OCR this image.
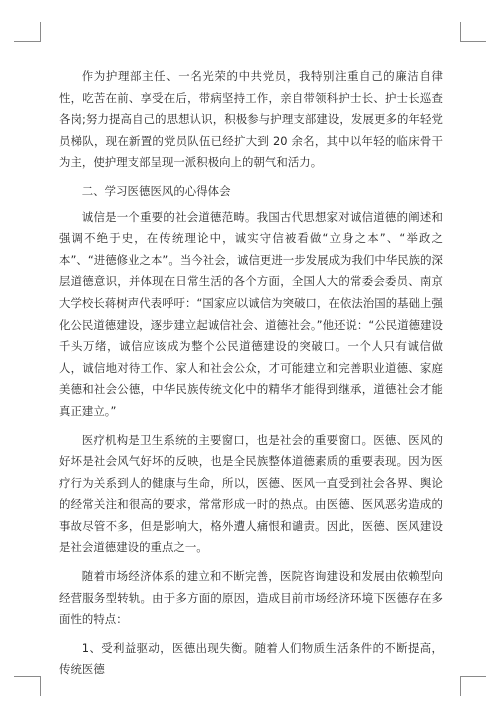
作为护理部主任、一名光荣的中共党员，我特别注重自己的廉洁自律性，吃苦在前、享受在后，带病坚持工作，亲自带领科护士长、护士长巡查各岗;努力提高自己的思想认识，积极参与护理支部建设，发展更多的年轻党员梯队，现在新置的党员队伍已经扩大到 20 余名，其中以年轻的临床骨干为主，使护理支部呈现一派积极向上的朝气和活力。

二、学习医德医风的心得体会

诚信是一个重要的社会道德范畴。我国古代思想家对诚信道德的阐述和强调不绝于史，在传统理论中，诚实守信被看做“立身之本”、“举政之本”、“进德修业之本”。当今社会，诚信更进一步发展成为我们中华民族的深层道德意识，并体现在日常生活的各个方面，全国人大的常委会委员、南京大学校长蒋树声代表呼吁：“国家应以诚信为突破口，在依法治国的基础上强化公民道德建设，逐步建立起诚信社会、道德社会。”他还说：“公民道德建设千头万绪，诚信应该成为整个公民道德建设的突破口。一个人只有诚信做人，诚信地对待工作、家人和社会公众，才可能建立和完善职业道德、家庭美德和社会公德，中华民族传统文化中的精华才能得到继承，道德社会才能真正建立。”

医疗机构是卫生系统的主要窗口，也是社会的重要窗口。医德、医风的好坏是社会风气好坏的反映，也是全民族整体道德素质的重要表现。因为医疗行为关系到人的健康与生命，所以，医德、医风一直受到社会各界、舆论的经常关注和很高的要求，常常形成一时的热点。由医德、医风恶劣造成的事故尽管不多，但是影响大，格外遭人痛恨和谴责。因此，医德、医风建设是社会道德建设的重点之一。

随着市场经济体系的建立和不断完善，医院咨询建设和发展由依赖型向经营服务型转轨。由于多方面的原因，造成目前市场经济环境下医德存在多面性的特点：

1、受利益驱动，医德出现失衡。随着人们物质生活条件的不断提高，传统医德
